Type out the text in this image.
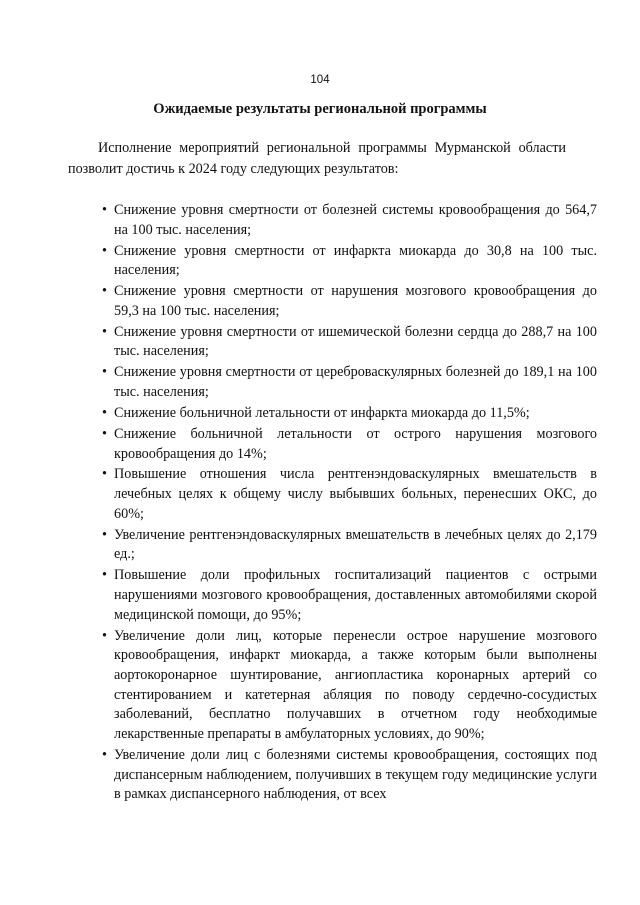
104
Ожидаемые результаты региональной программы
Исполнение мероприятий региональной программы Мурманской области позволит достичь к 2024 году следующих результатов:
• Снижение уровня смертности от болезней системы кровообращения до 564,7 на 100 тыс. населения;
• Снижение уровня смертности от инфаркта миокарда до 30,8 на 100 тыс. населения;
• Снижение уровня смертности от нарушения мозгового кровообращения до 59,3 на 100 тыс. населения;
• Снижение уровня смертности от ишемической болезни сердца до 288,7 на 100 тыс. населения;
• Снижение уровня смертности от цереброваскулярных болезней до 189,1 на 100 тыс. населения;
• Снижение больничной летальности от инфаркта миокарда до 11,5%;
• Снижение больничной летальности от острого нарушения мозгового кровообращения до 14%;
• Повышение отношения числа рентгенэндоваскулярных вмешательств в лечебных целях к общему числу выбывших больных, перенесших ОКС, до 60%;
• Увеличение рентгенэндоваскулярных вмешательств в лечебных целях до 2,179 ед.;
• Повышение доли профильных госпитализаций пациентов с острыми нарушениями мозгового кровообращения, доставленных автомобилями скорой медицинской помощи, до 95%;
• Увеличение доли лиц, которые перенесли острое нарушение мозгового кровообращения, инфаркт миокарда, а также которым были выполнены аортокоронарное шунтирование, ангиопластика коронарных артерий со стентированием и катетерная абляция по поводу сердечно-сосудистых заболеваний, бесплатно получавших в отчетном году необходимые лекарственные препараты в амбулаторных условиях, до 90%;
• Увеличение доли лиц с болезнями системы кровообращения, состоящих под диспансерным наблюдением, получивших в текущем году медицинские услуги в рамках диспансерного наблюдения, от всех
